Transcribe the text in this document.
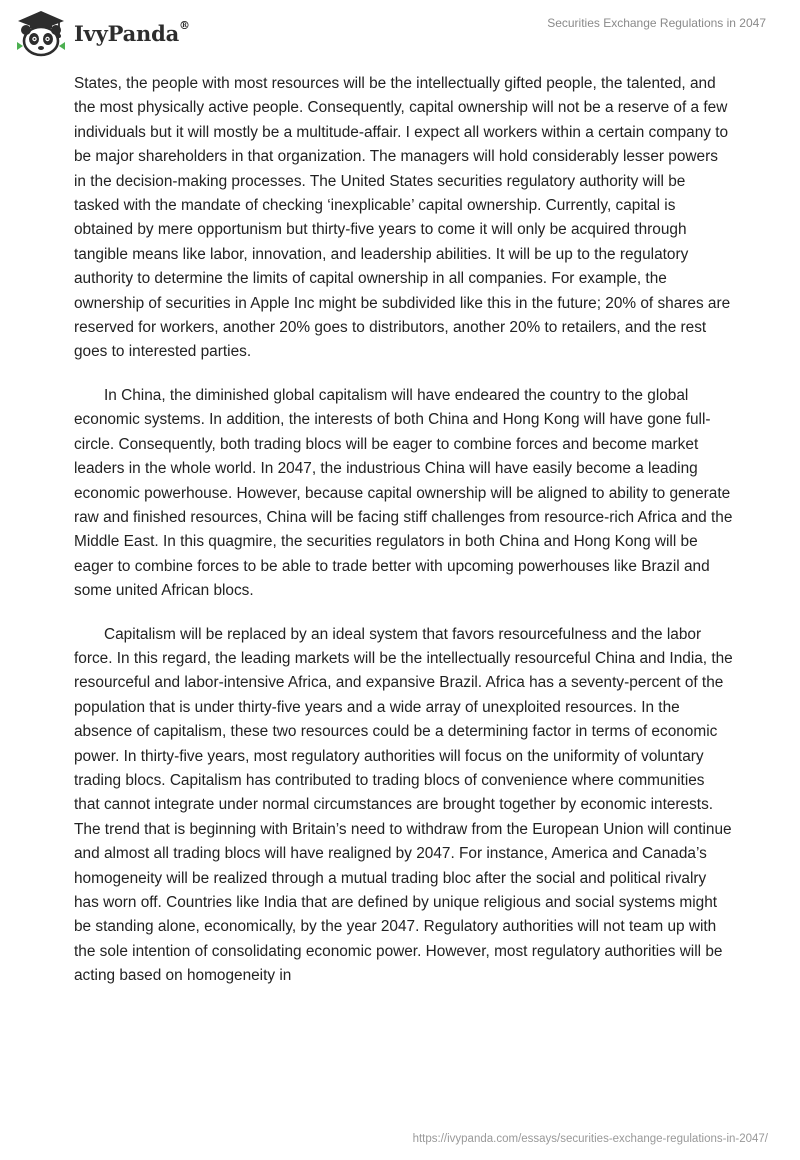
IvyPanda®	Securities Exchange Regulations in 2047

States, the people with most resources will be the intellectually gifted people, the talented, and the most physically active people. Consequently, capital ownership will not be a reserve of a few individuals but it will mostly be a multitude-affair. I expect all workers within a certain company to be major shareholders in that organization. The managers will hold considerably lesser powers in the decision-making processes. The United States securities regulatory authority will be tasked with the mandate of checking ‘inexplicable’ capital ownership. Currently, capital is obtained by mere opportunism but thirty-five years to come it will only be acquired through tangible means like labor, innovation, and leadership abilities. It will be up to the regulatory authority to determine the limits of capital ownership in all companies. For example, the ownership of securities in Apple Inc might be subdivided like this in the future; 20% of shares are reserved for workers, another 20% goes to distributors, another 20% to retailers, and the rest goes to interested parties.

In China, the diminished global capitalism will have endeared the country to the global economic systems. In addition, the interests of both China and Hong Kong will have gone full-circle. Consequently, both trading blocs will be eager to combine forces and become market leaders in the whole world. In 2047, the industrious China will have easily become a leading economic powerhouse. However, because capital ownership will be aligned to ability to generate raw and finished resources, China will be facing stiff challenges from resource-rich Africa and the Middle East. In this quagmire, the securities regulators in both China and Hong Kong will be eager to combine forces to be able to trade better with upcoming powerhouses like Brazil and some united African blocs.

Capitalism will be replaced by an ideal system that favors resourcefulness and the labor force. In this regard, the leading markets will be the intellectually resourceful China and India, the resourceful and labor-intensive Africa, and expansive Brazil. Africa has a seventy-percent of the population that is under thirty-five years and a wide array of unexploited resources. In the absence of capitalism, these two resources could be a determining factor in terms of economic power. In thirty-five years, most regulatory authorities will focus on the uniformity of voluntary trading blocs. Capitalism has contributed to trading blocs of convenience where communities that cannot integrate under normal circumstances are brought together by economic interests. The trend that is beginning with Britain’s need to withdraw from the European Union will continue and almost all trading blocs will have realigned by 2047. For instance, America and Canada’s homogeneity will be realized through a mutual trading bloc after the social and political rivalry has worn off. Countries like India that are defined by unique religious and social systems might be standing alone, economically, by the year 2047. Regulatory authorities will not team up with the sole intention of consolidating economic power. However, most regulatory authorities will be acting based on homogeneity in

https://ivypanda.com/essays/securities-exchange-regulations-in-2047/
